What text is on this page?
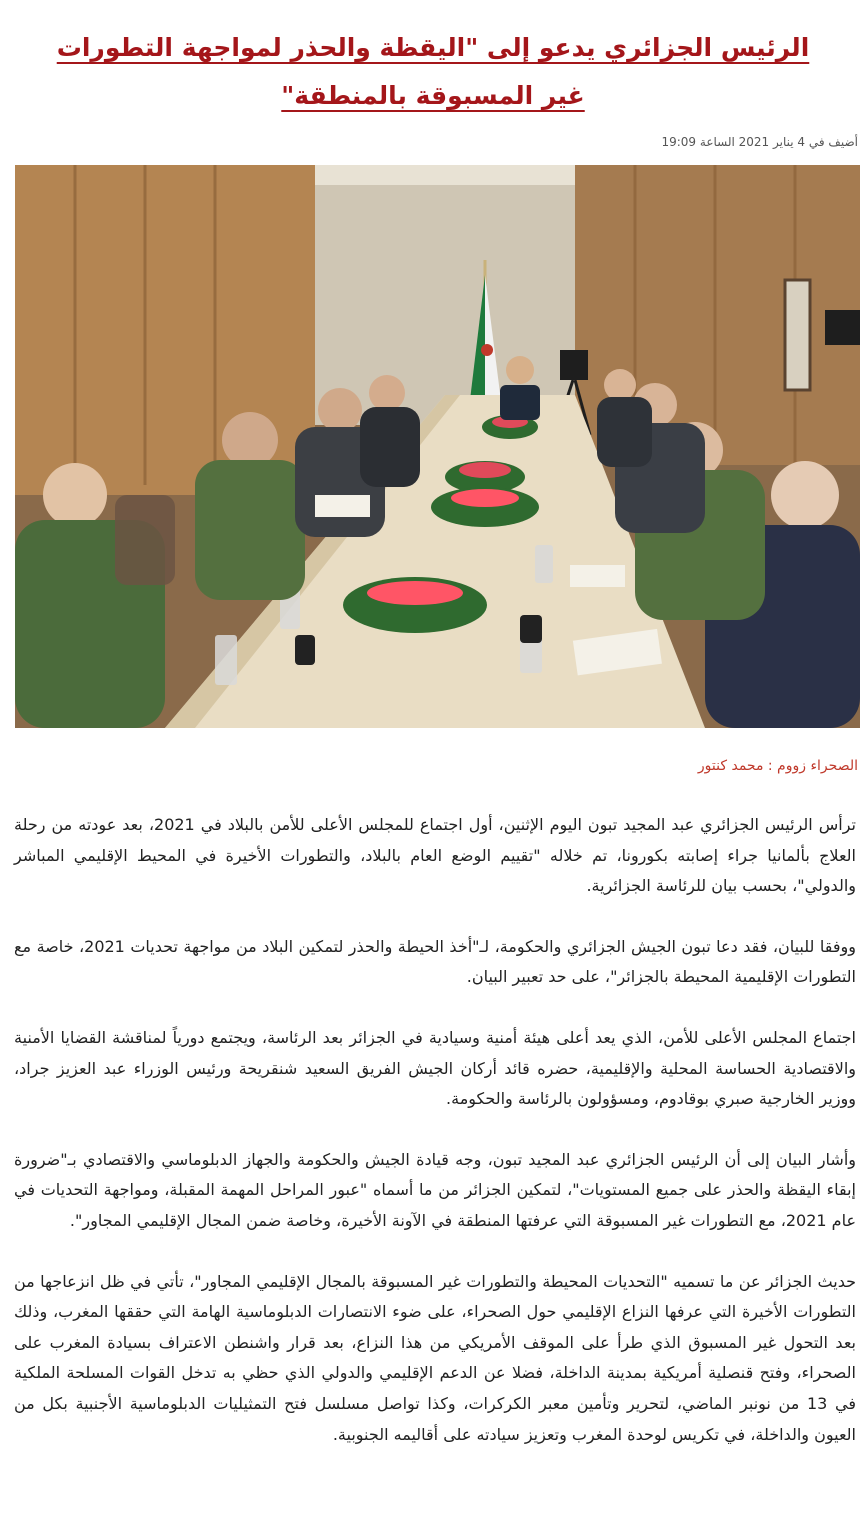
الرئيس الجزائري يدعو إلى "اليقظة والحذر لمواجهة التطورات غير المسبوقة بالمنطقة"
أضيف في 4 يناير 2021 الساعة 19:09
الصحراء زووم : محمد كنتور

ترأس الرئيس الجزائري عبد المجيد تبون اليوم الإثنين، أول اجتماع للمجلس الأعلى للأمن بالبلاد في 2021، بعد عودته من رحلة العلاج بألمانيا جراء إصابته بكورونا، تم خلاله "تقييم الوضع العام بالبلاد، والتطورات الأخيرة في المحيط الإقليمي المباشر والدولي"، بحسب بيان للرئاسة الجزائرية.

ووفقا للبيان، فقد دعا تبون الجيش الجزائري والحكومة، لـ"أخذ الحيطة والحذر لتمكين البلاد من مواجهة تحديات 2021، خاصة مع التطورات الإقليمية المحيطة بالجزائر"، على حد تعبير البيان.

اجتماع المجلس الأعلى للأمن، الذي يعد أعلى هيئة أمنية وسيادية في الجزائر بعد الرئاسة، ويجتمع دورياً لمناقشة القضايا الأمنية والاقتصادية الحساسة المحلية والإقليمية، حضره قائد أركان الجيش الفريق السعيد شنقريحة ورئيس الوزراء عبد العزيز جراد، ووزير الخارجية صبري بوقادوم، ومسؤولون بالرئاسة والحكومة.

وأشار البيان إلى أن الرئيس الجزائري عبد المجيد تبون، وجه قيادة الجيش والحكومة والجهاز الدبلوماسي والاقتصادي بـ"ضرورة إبقاء اليقظة والحذر على جميع المستويات"، لتمكين الجزائر من ما أسماه "عبور المراحل المهمة المقبلة، ومواجهة التحديات في عام 2021، مع التطورات غير المسبوقة التي عرفتها المنطقة في الآونة الأخيرة، وخاصة ضمن المجال الإقليمي المجاور".

حديث الجزائر عن ما تسميه "التحديات المحيطة والتطورات غير المسبوقة بالمجال الإقليمي المجاور"، تأتي في ظل انزعاجها من التطورات الأخيرة التي عرفها النزاع الإقليمي حول الصحراء، على ضوء الانتصارات الدبلوماسية الهامة التي حققها المغرب، وذلك بعد التحول غير المسبوق الذي طرأ على الموقف الأمريكي من هذا النزاع، بعد قرار واشنطن الاعتراف بسيادة المغرب على الصحراء، وفتح قنصلية أمريكية بمدينة الداخلة، فضلا عن الدعم الإقليمي والدولي الذي حظي به تدخل القوات المسلحة الملكية في 13 من نونبر الماضي، لتحرير وتأمين معبر الكركرات، وكذا تواصل مسلسل فتح التمثيليات الدبلوماسية الأجنبية بكل من العيون والداخلة، في تكريس لوحدة المغرب وتعزيز سيادته على أقاليمه الجنوبية.
